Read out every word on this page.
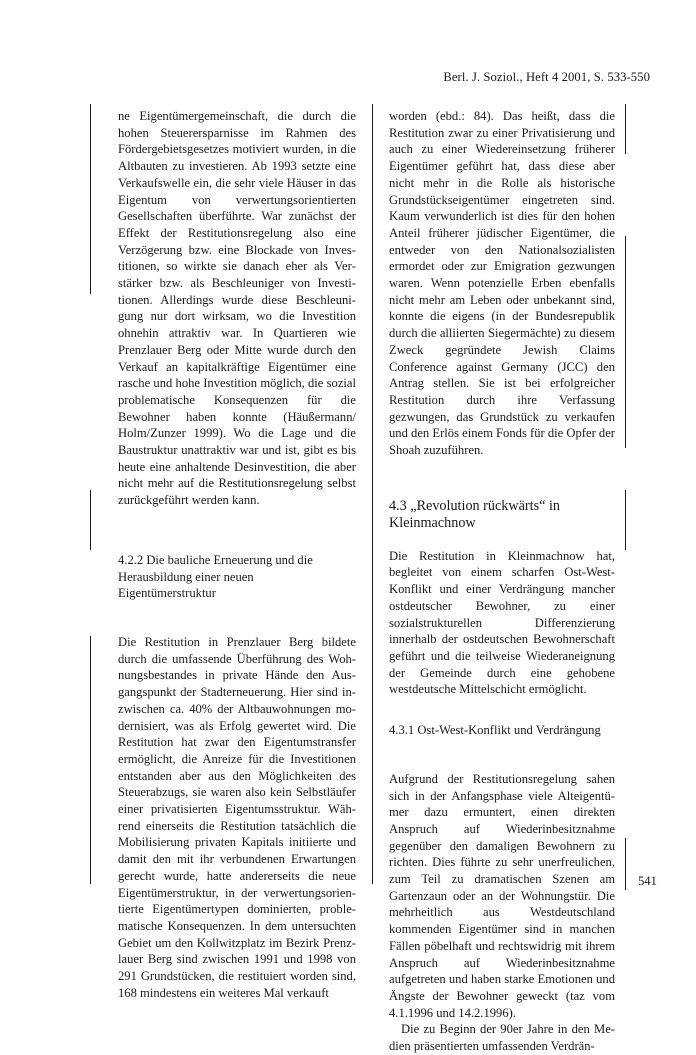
Berl. J. Soziol., Heft 4 2001, S. 533-550

ne Eigentümergemeinschaft, die durch die hohen Steuerersparnisse im Rahmen des Fördergebietsgesetzes motiviert wurden, in die Altbauten zu investieren. Ab 1993 setzte eine Verkaufswelle ein, die sehr viele Häuser in das Eigentum von verwertungsorientierten Gesellschaften überführte. War zunächst der Effekt der Restitutionsregelung also eine Verzögerung bzw. eine Blockade von Investitionen, so wirkte sie danach eher als Verstärker bzw. als Beschleuniger von Investitionen. Allerdings wurde diese Beschleunigung nur dort wirksam, wo die Investition ohnehin attraktiv war. In Quartieren wie Prenzlauer Berg oder Mitte wurde durch den Verkauf an kapitalkräftige Eigentümer eine rasche und hohe Investition möglich, die sozial problematische Konsequenzen für die Bewohner haben konnte (Häußermann/ Holm/Zunzer 1999). Wo die Lage und die Baustruktur unattraktiv war und ist, gibt es bis heute eine anhaltende Desinvestition, die aber nicht mehr auf die Restitutionsregelung selbst zurückgeführt werden kann.

4.2.2 Die bauliche Erneuerung und die
Herausbildung einer neuen
Eigentümerstruktur

Die Restitution in Prenzlauer Berg bildete durch die umfassende Überführung des Wohnungsbestandes in private Hände den Ausgangspunkt der Stadterneuerung. Hier sind inzwischen ca. 40% der Altbauwohnungen modernisiert, was als Erfolg gewertet wird. Die Restitution hat zwar den Eigentumstransfer ermöglicht, die Anreize für die Investitionen entstanden aber aus den Möglichkeiten des Steuerabzugs, sie waren also kein Selbstläufer einer privatisierten Eigentumsstruktur. Während einerseits die Restitution tatsächlich die Mobilisierung privaten Kapitals initiierte und damit den mit ihr verbundenen Erwartungen gerecht wurde, hatte andererseits die neue Eigentümerstruktur, in der verwertungsorientierte Eigentümertypen dominierten, problematische Konsequenzen. In dem untersuchten Gebiet um den Kollwitzplatz im Bezirk Prenzlauer Berg sind zwischen 1991 und 1998 von 291 Grundstücken, die restituiert worden sind, 168 mindestens ein weiteres Mal verkauft

worden (ebd.: 84). Das heißt, dass die Restitution zwar zu einer Privatisierung und auch zu einer Wiedereinsetzung früherer Eigentümer geführt hat, dass diese aber nicht mehr in die Rolle als historische Grundstückseigentümer eingetreten sind. Kaum verwunderlich ist dies für den hohen Anteil früherer jüdischer Eigentümer, die entweder von den Nationalsozialisten ermordet oder zur Emigration gezwungen waren. Wenn potenzielle Erben ebenfalls nicht mehr am Leben oder unbekannt sind, konnte die eigens (in der Bundesrepublik durch die alliierten Siegermächte) zu diesem Zweck gegründete Jewish Claims Conference against Germany (JCC) den Antrag stellen. Sie ist bei erfolgreicher Restitution durch ihre Verfassung gezwungen, das Grundstück zu verkaufen und den Erlös einem Fonds für die Opfer der Shoah zuzuführen.

4.3 „Revolution rückwärts“ in
Kleinmachnow

Die Restitution in Kleinmachnow hat, begleitet von einem scharfen Ost-West-Konflikt und einer Verdrängung mancher ostdeutscher Bewohner, zu einer sozialstrukturellen Differenzierung innerhalb der ostdeutschen Bewohnerschaft geführt und die teilweise Wiederaneignung der Gemeinde durch eine gehobene westdeutsche Mittelschicht ermöglicht.

4.3.1 Ost-West-Konflikt und Verdrängung

Aufgrund der Restitutionsregelung sahen sich in der Anfangsphase viele Alteigentümer dazu ermuntert, einen direkten Anspruch auf Wiederinbesitznahme gegenüber den damaligen Bewohnern zu richten. Dies führte zu sehr unerfreulichen, zum Teil zu dramatischen Szenen am Gartenzaun oder an der Wohnungstür. Die mehrheitlich aus Westdeutschland kommenden Eigentümer sind in manchen Fällen pöbelhaft und rechtswidrig mit ihrem Anspruch auf Wiederinbesitznahme aufgetreten und haben starke Emotionen und Ängste der Bewohner geweckt (taz vom 4.1.1996 und 14.2.1996).

Die zu Beginn der 90er Jahre in den Medien präsentierten umfassenden Verdrän-

541
